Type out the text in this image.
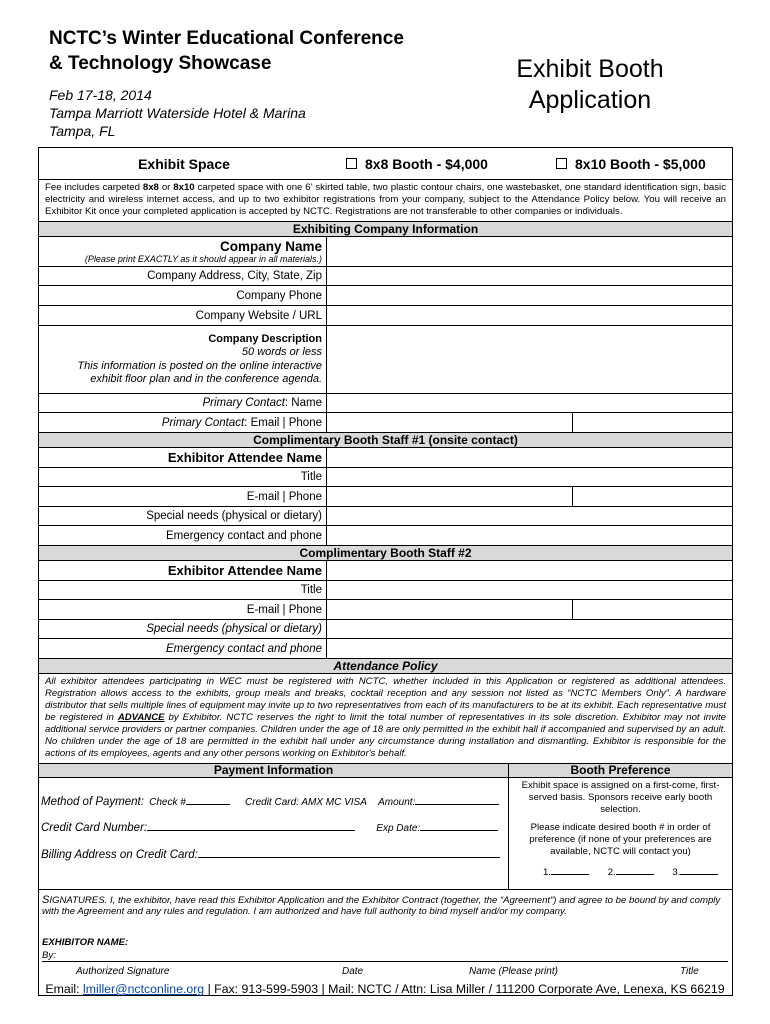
NCTC’s Winter Educational Conference
& Technology Showcase
Feb 17-18, 2014
Tampa Marriott Waterside Hotel & Marina
Tampa, FL
Exhibit Booth
Application
Exhibit Space	8x8 Booth - $4,000	8x10 Booth - $5,000
Fee includes carpeted 8x8 or 8x10 carpeted space with one 6’ skirted table, two plastic contour chairs, one wastebasket, one standard identification sign, basic electricity and wireless internet access, and up to two exhibitor registrations from your company, subject to the Attendance Policy below. You will receive an Exhibitor Kit once your completed application is accepted by NCTC. Registrations are not transferable to other companies or individuals.
Exhibiting Company Information
Company Name
(Please print EXACTLY as it should appear in all materials.)
Company Address, City, State, Zip
Company Phone
Company Website / URL
Company Description
50 words or less
This information is posted on the online interactive
exhibit floor plan and in the conference agenda.
Primary Contact: Name
Primary Contact: Email | Phone
Complimentary Booth Staff #1 (onsite contact)
Exhibitor Attendee Name
Title
E-mail | Phone
Special needs (physical or dietary)
Emergency contact and phone
Complimentary Booth Staff #2
Exhibitor Attendee Name
Title
E-mail | Phone
Special needs (physical or dietary)
Emergency contact and phone
Attendance Policy
All exhibitor attendees participating in WEC must be registered with NCTC, whether included in this Application or registered as additional attendees. Registration allows access to the exhibits, group meals and breaks, cocktail reception and any session not listed as “NCTC Members Only”. A hardware distributor that sells multiple lines of equipment may invite up to two representatives from each of its manufacturers to be at its exhibit. Each representative must be registered in ADVANCE by Exhibitor. NCTC reserves the right to limit the total number of representatives in its sole discretion. Exhibitor may not invite additional service providers or partner companies. Children under the age of 18 are only permitted in the exhibit hall if accompanied and supervised by an adult. No children under the age of 18 are permitted in the exhibit hall under any circumstance during installation and dismantling. Exhibitor is responsible for the actions of its employees, agents and any other persons working on Exhibitor's behalf.
Payment Information
Method of Payment: Check #	Credit Card: AMX MC VISA Amount:
Credit Card Number:	Exp Date:
Billing Address on Credit Card:
Booth Preference
Exhibit space is assigned on a first-come, first-served basis. Sponsors receive early booth selection.
Please indicate desired booth # in order of preference (if none of your preferences are available, NCTC will contact you)
1.	2.	3.
SIGNATURES. I, the exhibitor, have read this Exhibitor Application and the Exhibitor Contract (together, the “Agreement”) and agree to be bound by and comply with the Agreement and any rules and regulation. I am authorized and have full authority to bind myself and/or my company.
EXHIBITOR NAME:
By:
Authorized Signature	Date	Name (Please print)	Title
Email: lmiller@nctconline.org | Fax: 913-599-5903 | Mail: NCTC / Attn: Lisa Miller / 111200 Corporate Ave, Lenexa, KS 66219
